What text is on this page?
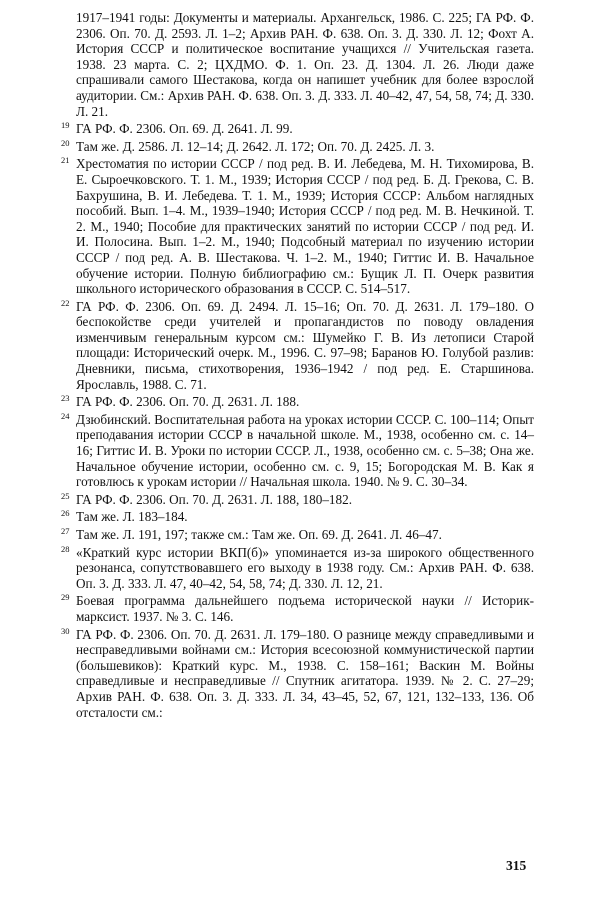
1917–1941 годы: Документы и материалы. Архангельск, 1986. С. 225; ГА РФ. Ф. 2306. Оп. 70. Д. 2593. Л. 1–2; Архив РАН. Ф. 638. Оп. 3. Д. 330. Л. 12; Фохт А. История СССР и политическое воспитание учащихся // Учительская газета. 1938. 23 марта. С. 2; ЦХДМО. Ф. 1. Оп. 23. Д. 1304. Л. 26. Люди даже спрашивали самого Шестакова, когда он напишет учебник для более взрослой аудитории. См.: Архив РАН. Ф. 638. Оп. 3. Д. 333. Л. 40–42, 47, 54, 58, 74; Д. 330. Л. 21.
19 ГА РФ. Ф. 2306. Оп. 69. Д. 2641. Л. 99.
20 Там же. Д. 2586. Л. 12–14; Д. 2642. Л. 172; Оп. 70. Д. 2425. Л. 3.
21 Хрестоматия по истории СССР / под ред. В. И. Лебедева, М. Н. Тихомирова, В. Е. Сыроечковского. Т. 1. М., 1939; История СССР / под ред. Б. Д. Грекова, С. В. Бахрушина, В. И. Лебедева. Т. 1. М., 1939; История СССР: Альбом наглядных пособий. Вып. 1–4. М., 1939–1940; История СССР / под ред. М. В. Нечкиной. Т. 2. М., 1940; Пособие для практических занятий по истории СССР / под ред. И. И. Полосина. Вып. 1–2. М., 1940; Подсобный материал по изучению истории СССР / под ред. А. В. Шестакова. Ч. 1–2. М., 1940; Гиттис И. В. Начальное обучение истории. Полную библиографию см.: Бущик Л. П. Очерк развития школьного исторического образования в СССР. С. 514–517.
22 ГА РФ. Ф. 2306. Оп. 69. Д. 2494. Л. 15–16; Оп. 70. Д. 2631. Л. 179–180. О беспокойстве среди учителей и пропагандистов по поводу овладения изменчивым генеральным курсом см.: Шумейко Г. В. Из летописи Старой площади: Исторический очерк. М., 1996. С. 97–98; Баранов Ю. Голубой разлив: Дневники, письма, стихотворения, 1936–1942 / под ред. Е. Старшинова. Ярославль, 1988. С. 71.
23 ГА РФ. Ф. 2306. Оп. 70. Д. 2631. Л. 188.
24 Дзюбинский. Воспитательная работа на уроках истории СССР. С. 100–114; Опыт преподавания истории СССР в начальной школе. М., 1938, особенно см. с. 14–16; Гиттис И. В. Уроки по истории СССР. Л., 1938, особенно см. с. 5–38; Она же. Начальное обучение истории, особенно см. с. 9, 15; Богородская М. В. Как я готовлюсь к урокам истории // Начальная школа. 1940. № 9. С. 30–34.
25 ГА РФ. Ф. 2306. Оп. 70. Д. 2631. Л. 188, 180–182.
26 Там же. Л. 183–184.
27 Там же. Л. 191, 197; также см.: Там же. Оп. 69. Д. 2641. Л. 46–47.
28 «Краткий курс истории ВКП(б)» упоминается из-за широкого общественного резонанса, сопутствовавшего его выходу в 1938 году. См.: Архив РАН. Ф. 638. Оп. 3. Д. 333. Л. 47, 40–42, 54, 58, 74; Д. 330. Л. 12, 21.
29 Боевая программа дальнейшего подъема исторической науки // Историк-марксист. 1937. № 3. С. 146.
30 ГА РФ. Ф. 2306. Оп. 70. Д. 2631. Л. 179–180. О разнице между справедливыми и несправедливыми войнами см.: История всесоюзной коммунистической партии (большевиков): Краткий курс. М., 1938. С. 158–161; Васкин М. Войны справедливые и несправедливые // Спутник агитатора. 1939. № 2. С. 27–29; Архив РАН. Ф. 638. Оп. 3. Д. 333. Л. 34, 43–45, 52, 67, 121, 132–133, 136. Об отсталости см.:
315
